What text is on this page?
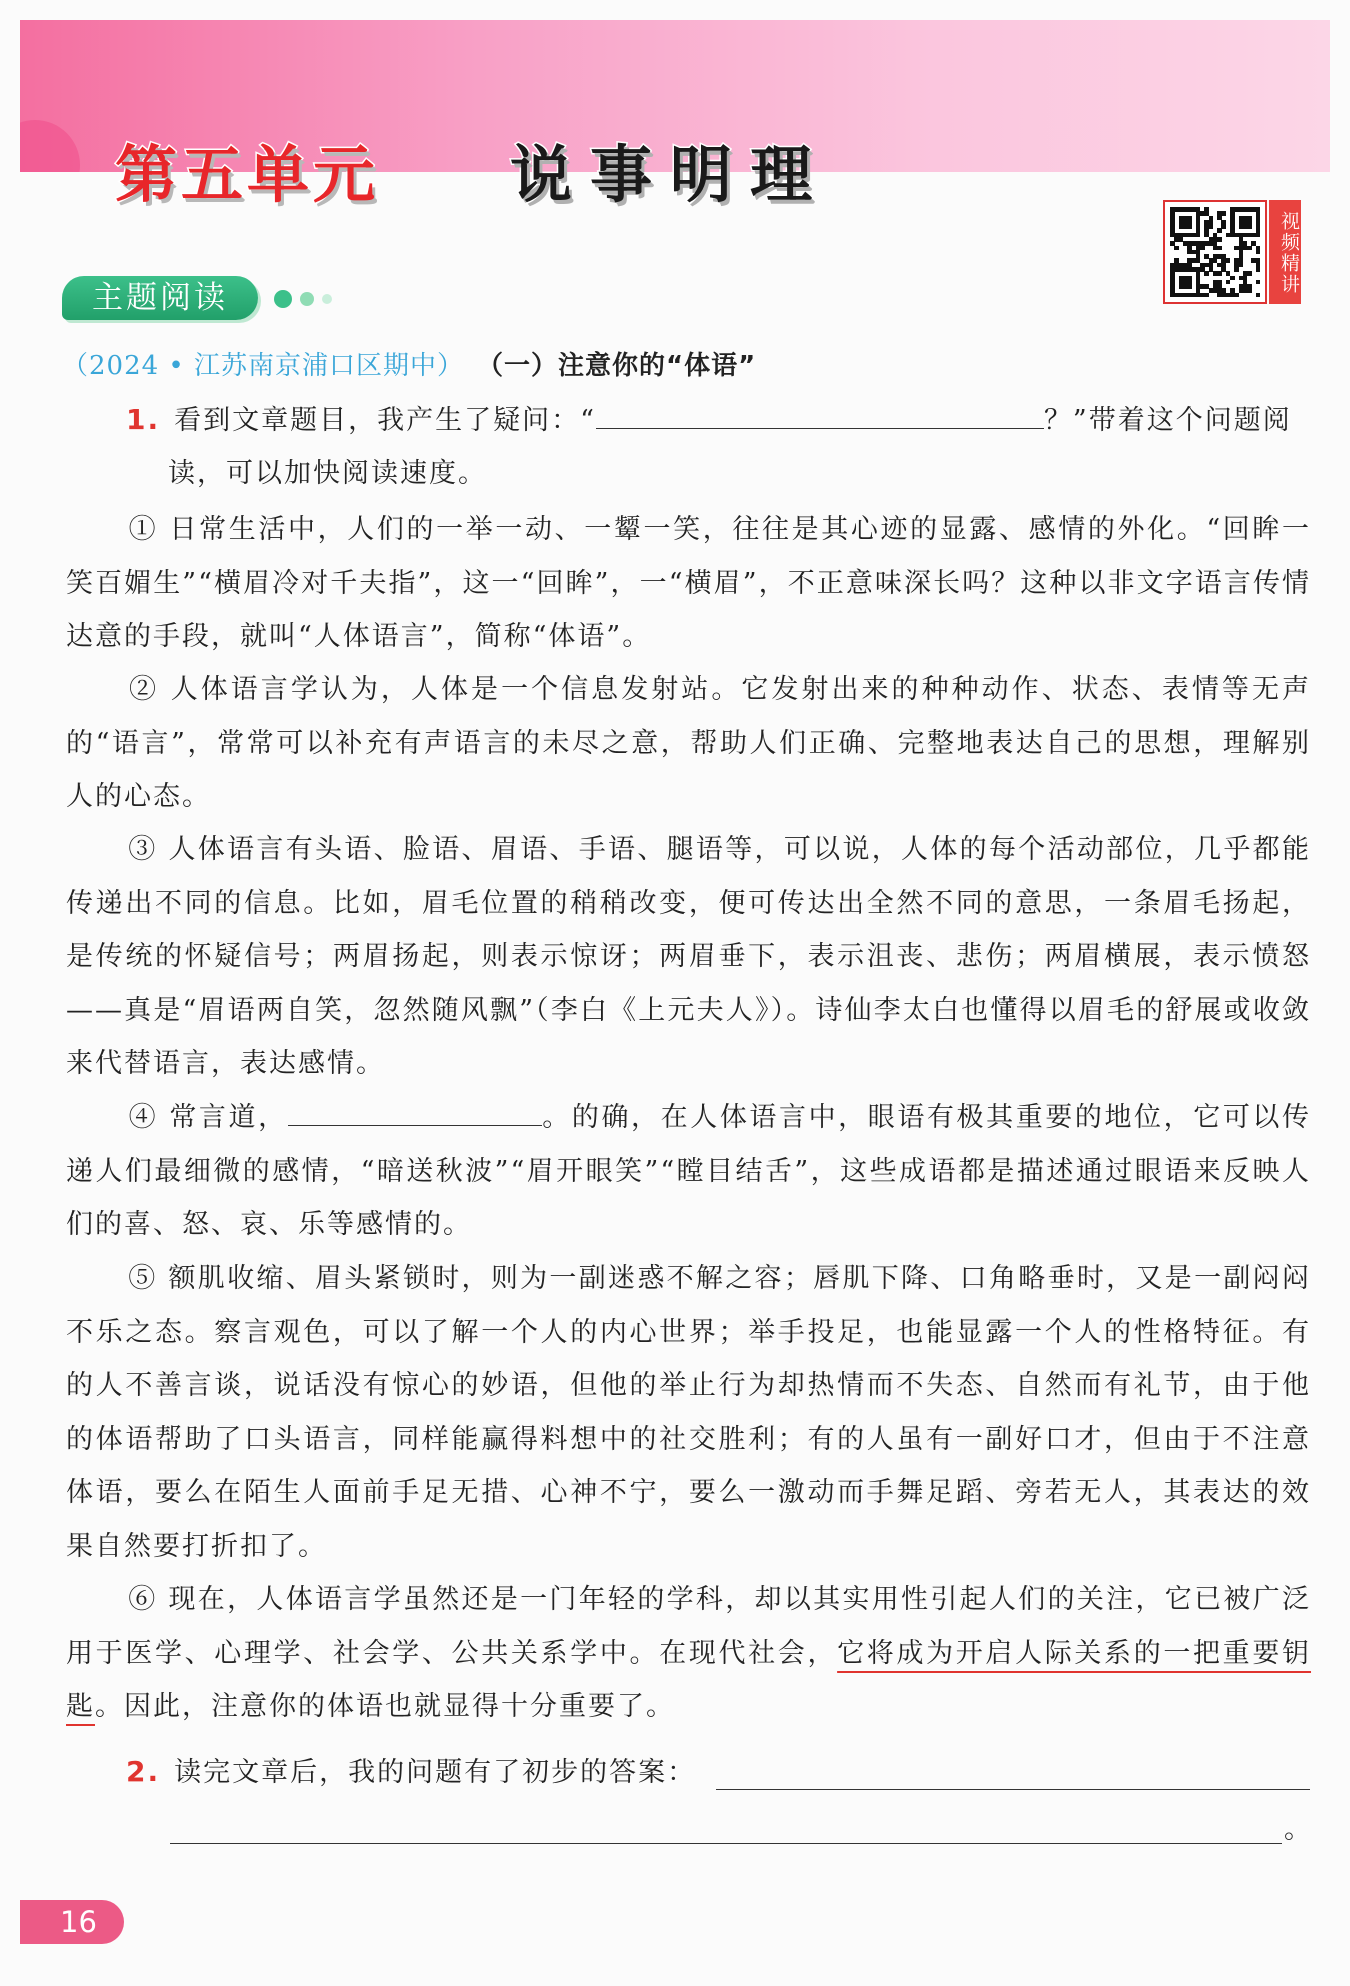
第五单元 说事明理
视频精讲
主题阅读
（2024 • 江苏南京浦口区期中） （一）注意你的“体语”
1. 看到文章题目，我产生了疑问：“	？”带着这个问题阅
读，可以加快阅读速度。
① 日常生活中，人们的一举一动、一颦一笑，往往是其心迹的显露、感情的外化。“回眸一笑百媚生”“横眉冷对千夫指”，这一“回眸”，一“横眉”，不正意味深长吗？这种以非文字语言传情达意的手段，就叫“人体语言”，简称“体语”。
② 人体语言学认为，人体是一个信息发射站。它发射出来的种种动作、状态、表情等无声的“语言”，常常可以补充有声语言的未尽之意，帮助人们正确、完整地表达自己的思想，理解别人的心态。
③ 人体语言有头语、脸语、眉语、手语、腿语等，可以说，人体的每个活动部位，几乎都能传递出不同的信息。比如，眉毛位置的稍稍改变，便可传达出全然不同的意思，一条眉毛扬起，是传统的怀疑信号；两眉扬起，则表示惊讶；两眉垂下，表示沮丧、悲伤；两眉横展，表示愤怒——真是“眉语两自笑，忽然随风飘”（李白《上元夫人》）。诗仙李太白也懂得以眉毛的舒展或收敛来代替语言，表达感情。
④ 常言道，	。的确，在人体语言中，眼语有极其重要的地位，它可以传递人们最细微的感情，“暗送秋波”“眉开眼笑”“瞠目结舌”，这些成语都是描述通过眼语来反映人们的喜、怒、哀、乐等感情的。
⑤ 额肌收缩、眉头紧锁时，则为一副迷惑不解之容；唇肌下降、口角略垂时，又是一副闷闷不乐之态。察言观色，可以了解一个人的内心世界；举手投足，也能显露一个人的性格特征。有的人不善言谈，说话没有惊心的妙语，但他的举止行为却热情而不失态、自然而有礼节，由于他的体语帮助了口头语言，同样能赢得料想中的社交胜利；有的人虽有一副好口才，但由于不注意体语，要么在陌生人面前手足无措、心神不宁，要么一激动而手舞足蹈、旁若无人，其表达的效果自然要打折扣了。
⑥ 现在，人体语言学虽然还是一门年轻的学科，却以其实用性引起人们的关注，它已被广泛用于医学、心理学、社会学、公共关系学中。在现代社会，它将成为开启人际关系的一把重要钥匙。因此，注意你的体语也就显得十分重要了。
2. 读完文章后，我的问题有了初步的答案：
。
16
